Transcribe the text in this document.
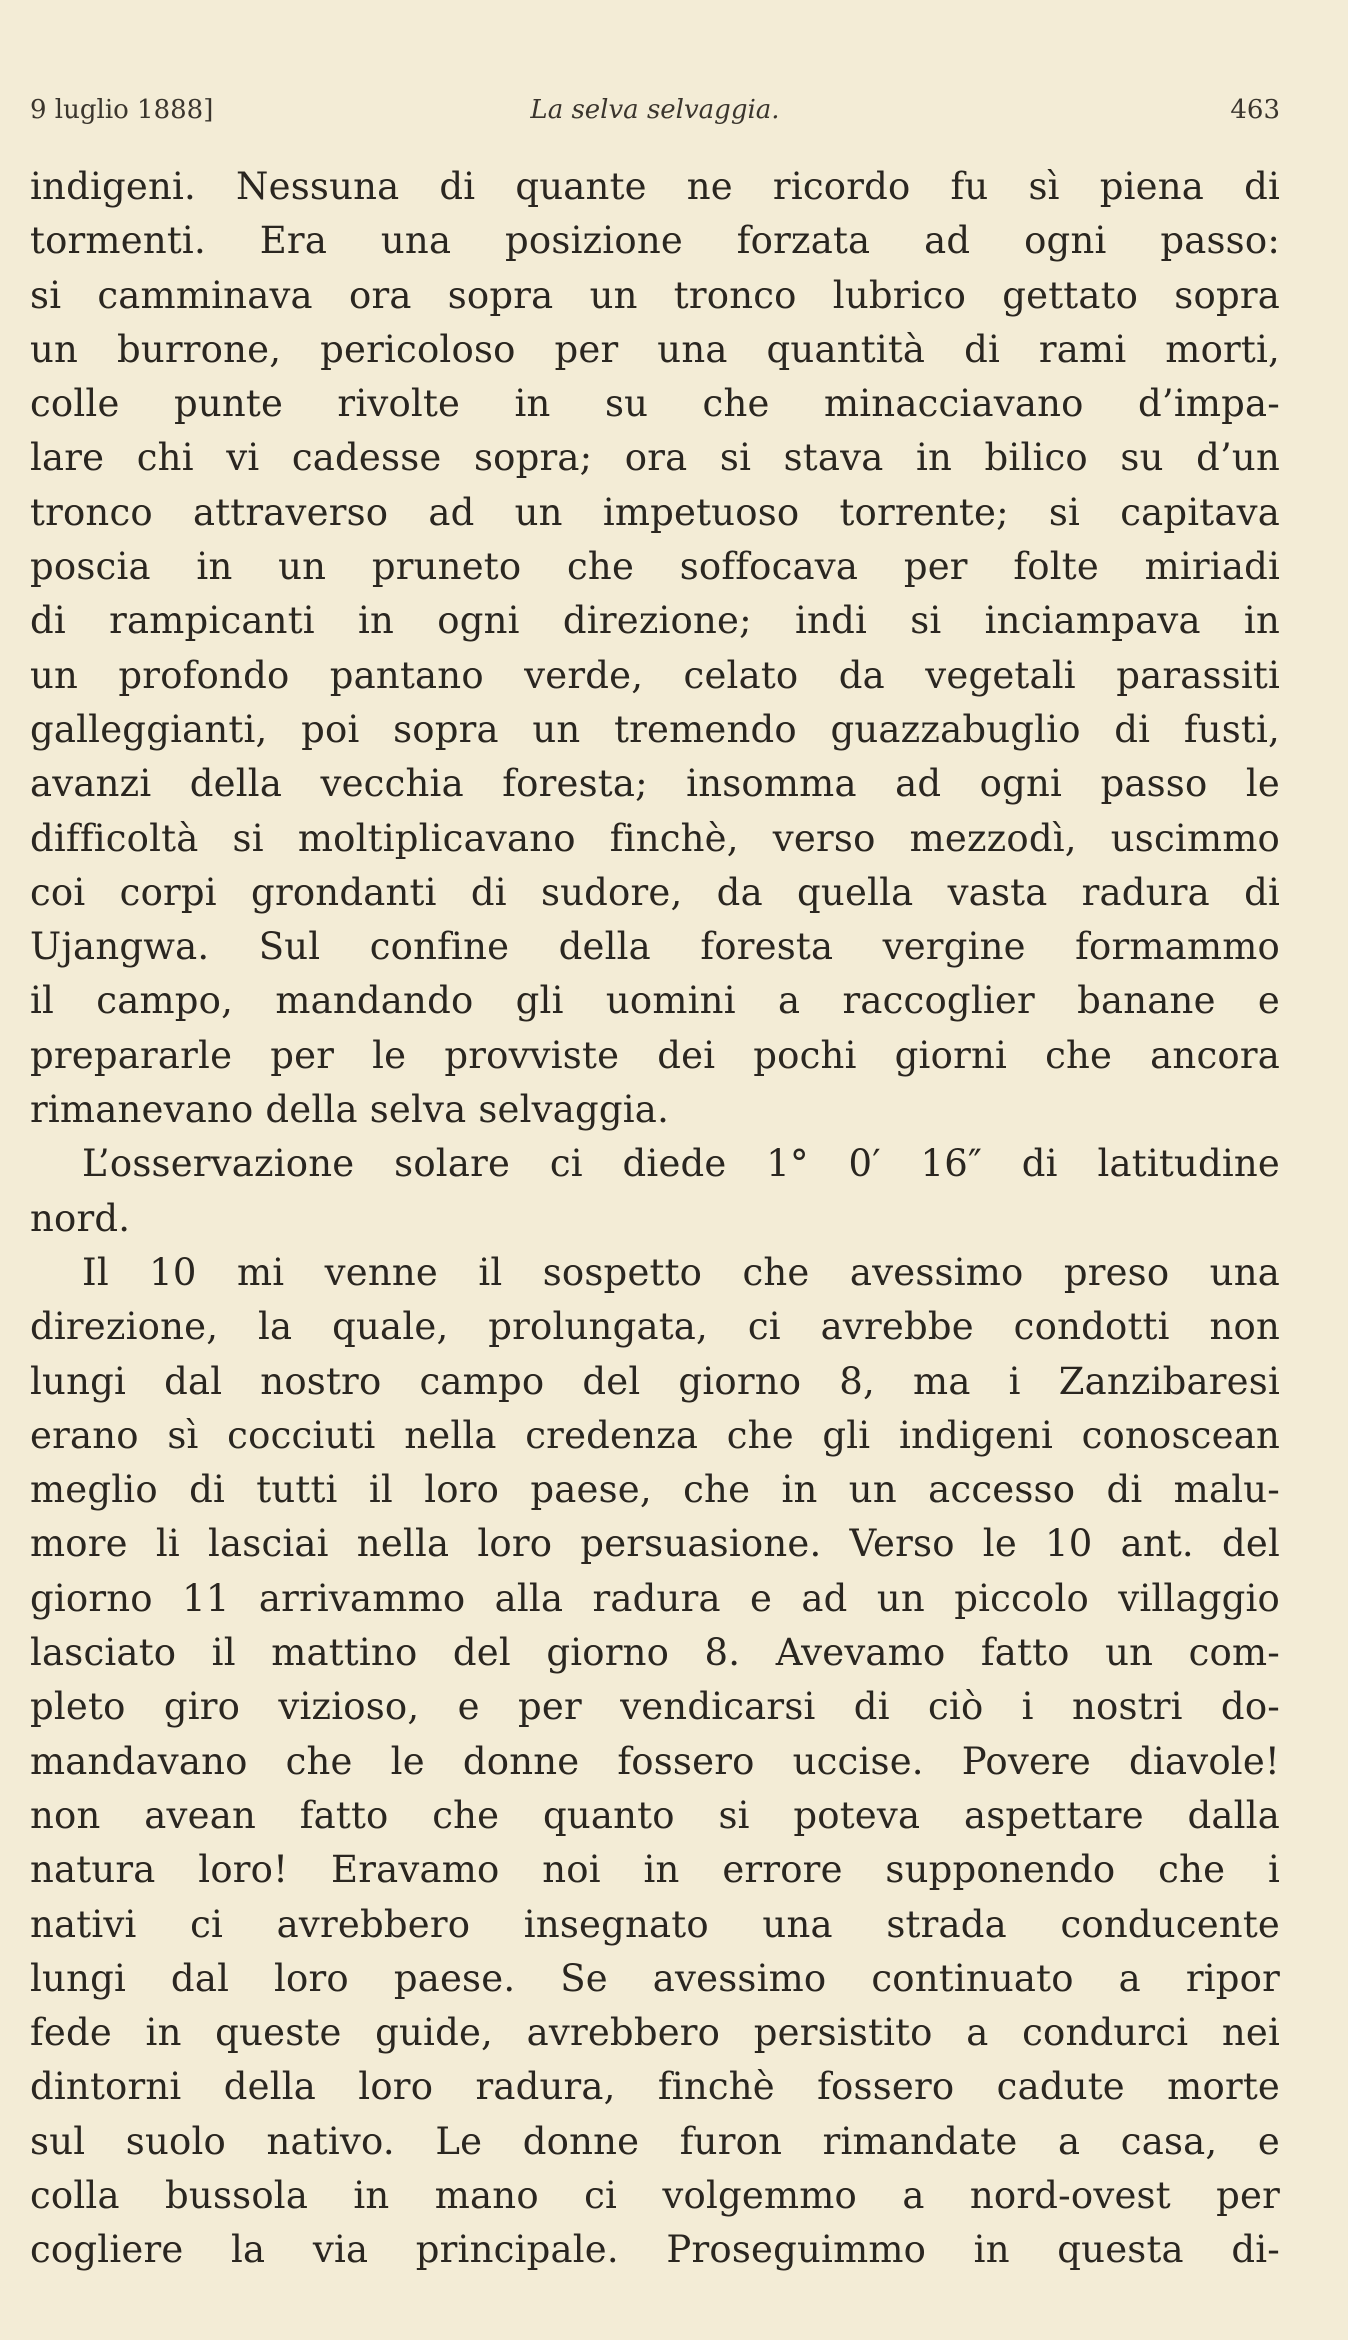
9 luglio 1888]	La selva selvaggia.	463
indigeni. Nessuna di quante ne ricordo fu sì piena di
tormenti. Era una posizione forzata ad ogni passo:
si camminava ora sopra un tronco lubrico gettato sopra
un burrone, pericoloso per una quantità di rami morti,
colle punte rivolte in su che minacciavano d’impa-
lare chi vi cadesse sopra; ora si stava in bilico su d’un
tronco attraverso ad un impetuoso torrente; si capitava
poscia in un pruneto che soffocava per folte miriadi
di rampicanti in ogni direzione; indi si inciampava in
un profondo pantano verde, celato da vegetali parassiti
galleggianti, poi sopra un tremendo guazzabuglio di fusti,
avanzi della vecchia foresta; insomma ad ogni passo le
difficoltà si moltiplicavano finchè, verso mezzodì, uscimmo
coi corpi grondanti di sudore, da quella vasta radura di
Ujangwa. Sul confine della foresta vergine formammo
il campo, mandando gli uomini a raccoglier banane e
prepararle per le provviste dei pochi giorni che ancora
rimanevano della selva selvaggia.
L’osservazione solare ci diede 1° 0′ 16″ di latitudine
nord.
Il 10 mi venne il sospetto che avessimo preso una
direzione, la quale, prolungata, ci avrebbe condotti non
lungi dal nostro campo del giorno 8, ma i Zanzibaresi
erano sì cocciuti nella credenza che gli indigeni conoscean
meglio di tutti il loro paese, che in un accesso di malu-
more li lasciai nella loro persuasione. Verso le 10 ant. del
giorno 11 arrivammo alla radura e ad un piccolo villaggio
lasciato il mattino del giorno 8. Avevamo fatto un com-
pleto giro vizioso, e per vendicarsi di ciò i nostri do-
mandavano che le donne fossero uccise. Povere diavole!
non avean fatto che quanto si poteva aspettare dalla
natura loro! Eravamo noi in errore supponendo che i
nativi ci avrebbero insegnato una strada conducente
lungi dal loro paese. Se avessimo continuato a ripor
fede in queste guide, avrebbero persistito a condurci nei
dintorni della loro radura, finchè fossero cadute morte
sul suolo nativo. Le donne furon rimandate a casa, e
colla bussola in mano ci volgemmo a nord-ovest per
cogliere la via principale. Proseguimmo in questa di-
